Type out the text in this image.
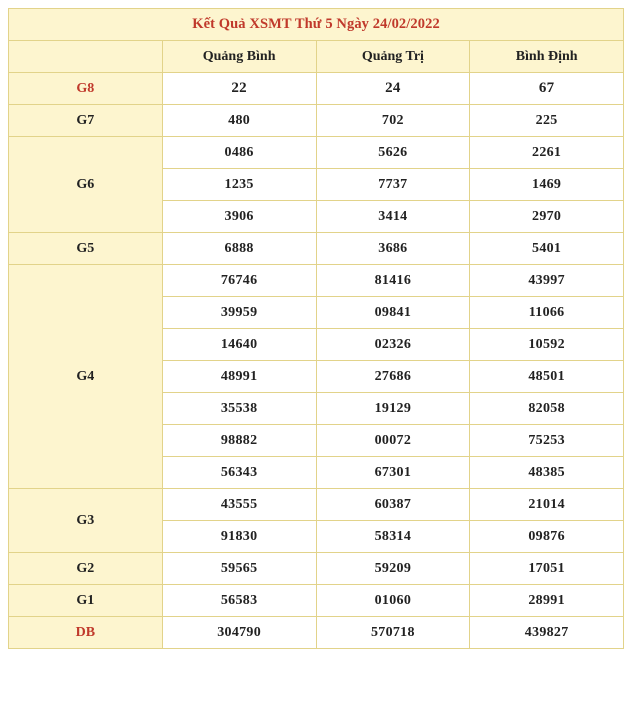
Kết Quả XSMT Thứ 5 Ngày 24/02/2022			
	Quảng Bình	Quảng Trị	Bình Định
G8	22	24	67
G7	480	702	225
G6	0486	5626	2261
	1235	7737	1469
	3906	3414	2970
G5	6888	3686	5401
G4	76746	81416	43997
	39959	09841	11066
	14640	02326	10592
	48991	27686	48501
	35538	19129	82058
	98882	00072	75253
	56343	67301	48385
G3	43555	60387	21014
	91830	58314	09876
G2	59565	59209	17051
G1	56583	01060	28991
DB	304790	570718	439827
